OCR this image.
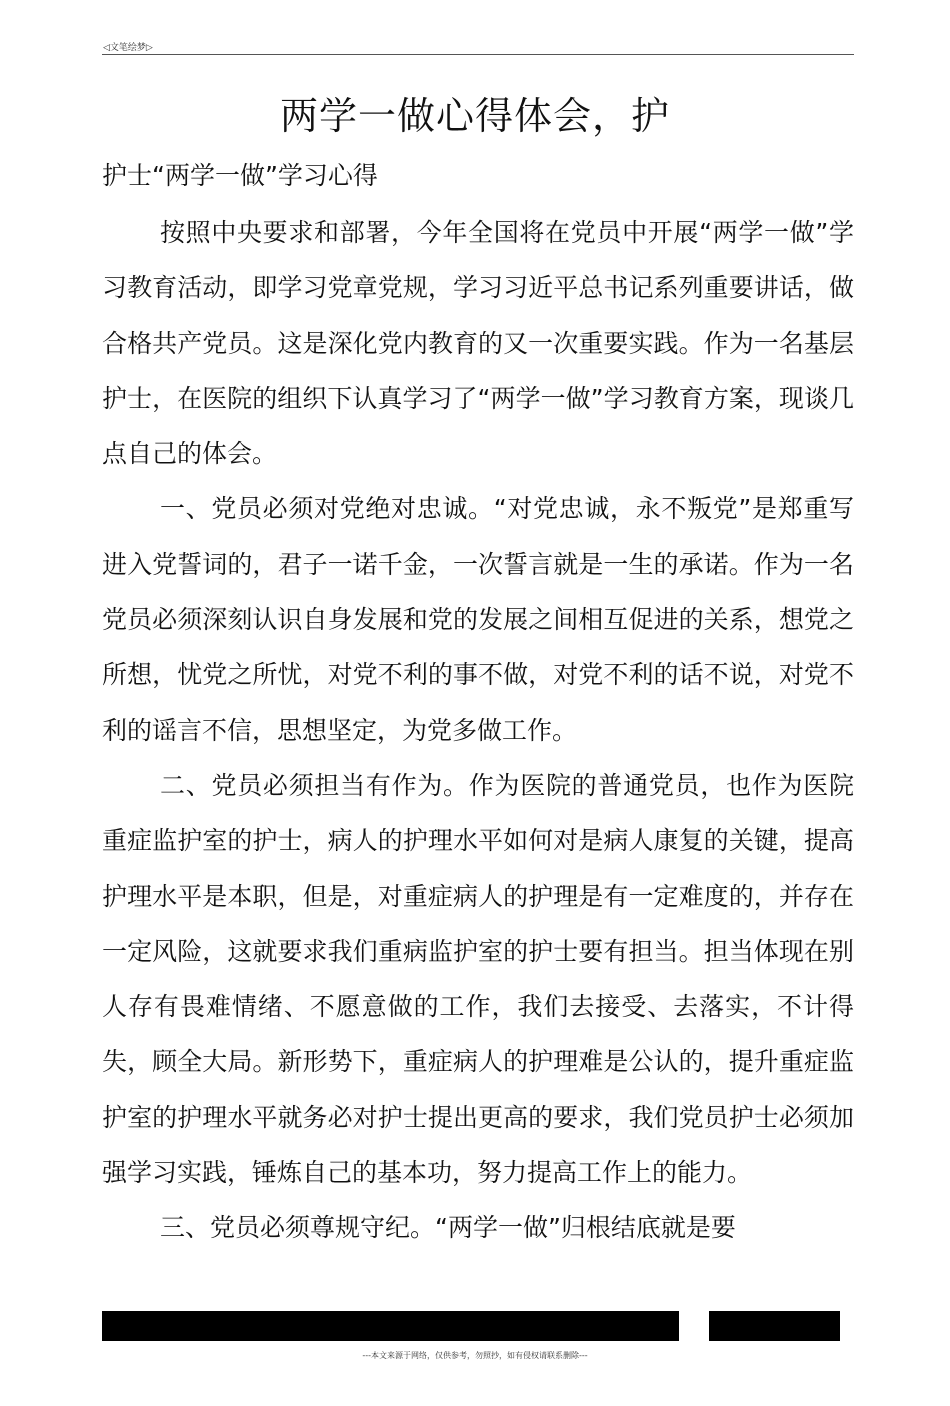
◁文笔绘梦▷
两学一做心得体会，护
护士“两学一做”学习心得

按照中央要求和部署，今年全国将在党员中开展“两学一做”学习教育活动，即学习党章党规，学习习近平总书记系列重要讲话，做合格共产党员。这是深化党内教育的又一次重要实践。作为一名基层护士，在医院的组织下认真学习了“两学一做”学习教育方案，现谈几点自己的体会。

一、党员必须对党绝对忠诚。“对党忠诚，永不叛党”是郑重写进入党誓词的，君子一诺千金，一次誓言就是一生的承诺。作为一名党员必须深刻认识自身发展和党的发展之间相互促进的关系，想党之所想，忧党之所忧，对党不利的事不做，对党不利的话不说，对党不利的谣言不信，思想坚定，为党多做工作。

二、党员必须担当有作为。作为医院的普通党员，也作为医院重症监护室的护士，病人的护理水平如何对是病人康复的关键，提高护理水平是本职，但是，对重症病人的护理是有一定难度的，并存在一定风险，这就要求我们重病监护室的护士要有担当。担当体现在别人存有畏难情绪、不愿意做的工作，我们去接受、去落实，不计得失，顾全大局。新形势下，重症病人的护理难是公认的，提升重症监护室的护理水平就务必对护士提出更高的要求，我们党员护士必须加强学习实践，锤炼自己的基本功，努力提高工作上的能力。

三、党员必须尊规守纪。“两学一做”归根结底就是要

---本文来源于网络，仅供参考，勿照抄，如有侵权请联系删除---
